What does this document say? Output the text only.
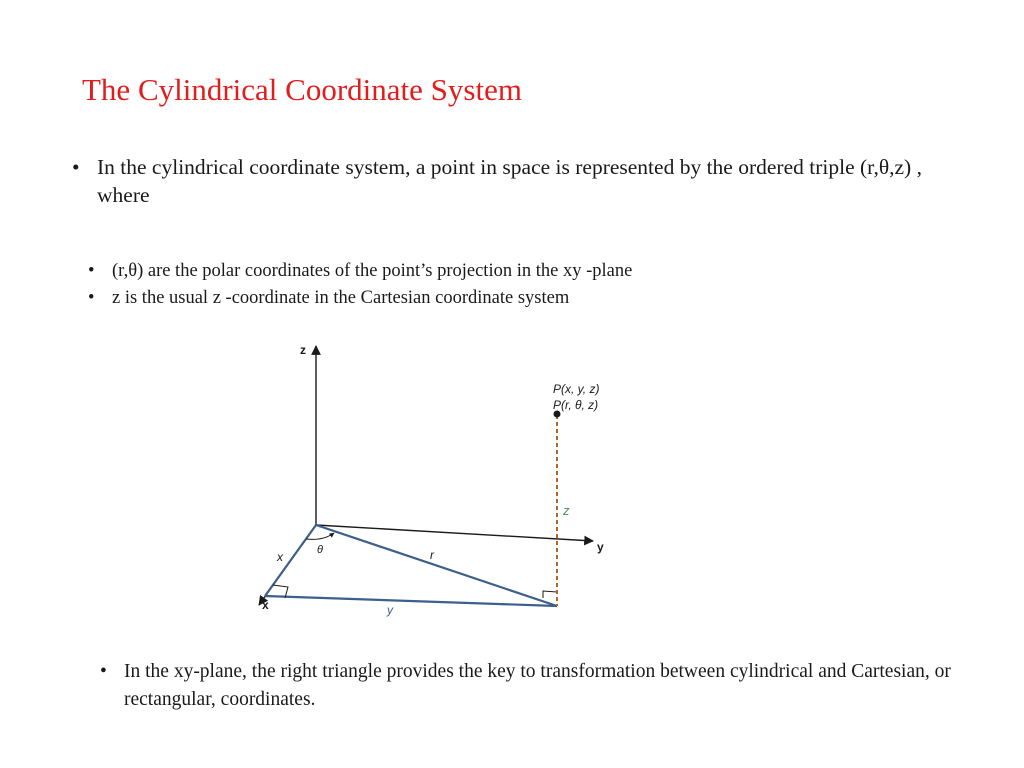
The Cylindrical Coordinate System
• In the cylindrical coordinate system, a point in space is represented by the ordered triple (r,θ,z) , where
• (r,θ) are the polar coordinates of the point’s projection in the xy -plane
• z is the usual z -coordinate in the Cartesian coordinate system
z
y
x
x
y
r
θ
z
P(x, y, z)
P(r, θ, z)
• In the xy-plane, the right triangle provides the key to transformation between cylindrical and Cartesian, or rectangular, coordinates.
